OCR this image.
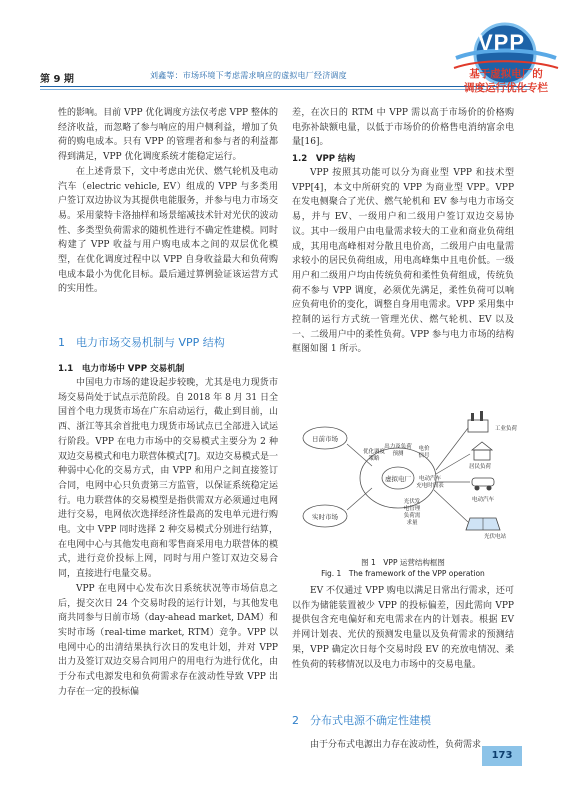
第 9 期	刘鑫等：市场环境下考虑需求响应的虚拟电厂经济调度
VPP
基于虚拟电厂的
调度运行优化专栏

性的影响。目前 VPP 优化调度方法仅考虑 VPP 整体的经济收益，而忽略了参与响应的用户侧利益，增加了负荷的购电成本。只有 VPP 的管理者和参与者的利益都得到满足，VPP 优化调度系统才能稳定运行。

在上述背景下，文中考虑由光伏、燃气轮机及电动汽车（electric vehicle, EV）组成的 VPP 与多类用户签订双边协议为其提供电能服务，并参与电力市场交易。采用蒙特卡洛抽样和场景缩减技术针对光伏的波动性、多类型负荷需求的随机性进行不确定性建模。同时构建了 VPP 收益与用户购电成本之间的双层优化模型，在优化调度过程中以 VPP 自身收益最大和负荷购电成本最小为优化目标。最后通过算例验证该运营方式的实用性。

1　电力市场交易机制与 VPP 结构
1.1　电力市场中 VPP 交易机制

中国电力市场的建设起步较晚，尤其是电力现货市场交易尚处于试点示范阶段。自 2018 年 8 月 31 日全国首个电力现货市场在广东启动运行，截止到目前，山西、浙江等其余首批电力现货市场试点已全部进入试运行阶段。VPP 在电力市场中的交易模式主要分为 2 种双边交易模式和电力联营体模式[7]。双边交易模式是一种弱中心化的交易方式，由 VPP 和用户之间直接签订合同，电网中心只负责第三方监管，以保证系统稳定运行。电力联营体的交易模型是指供需双方必须通过电网进行交易，电网依次选择经济性最高的发电单元进行购电。文中 VPP 同时选择 2 种交易模式分别进行结算，在电网中心与其他发电商和零售商采用电力联营体的模式，进行竞价投标上网，同时与用户签订双边交易合同，直接进行电量交易。

VPP 在电网中心发布次日系统状况等市场信息之后，提交次日 24 个交易时段的运行计划，与其他发电商共同参与日前市场（day-ahead market, DAM）和实时市场（real-time market, RTM）竞争。VPP 以电网中心的出清结果执行次日的发电计划，并对 VPP 出力及签订双边交易合同用户的用电行为进行优化，由于分布式电源发电和负荷需求存在波动性导致 VPP 出力存在一定的投标偏

差，在次日的 RTM 中 VPP 需以高于市场价的价格购电弥补缺额电量，以低于市场价的价格售电消纳富余电量[16]。

1.2　VPP 结构

VPP 按照其功能可以分为商业型 VPP 和技术型 VPP[4]，本文中所研究的 VPP 为商业型 VPP。VPP 在发电侧聚合了光伏、燃气轮机和 EV 参与电力市场交易，并与 EV、一级用户和二级用户签订双边交易协议。其中一级用户由电量需求较大的工业和商业负荷组成，其用电高峰相对分散且电价高，二级用户由电量需求较小的居民负荷组成，用电高峰集中且电价低。一级用户和二级用户均由传统负荷和柔性负荷组成，传统负荷不参与 VPP 调度，必须优先满足，柔性负荷可以响应负荷电价的变化，调整自身用电需求。VPP 采用集中控制的运行方式统一管理光伏、燃气轮机、EV 以及一、二级用户中的柔性负荷。VPP 参与电力市场的结构框图如图 1 所示。

日前市场
实时市场
虚拟电厂
优化调度
策略
出力及负荷
预测
电价
信号
电动汽车
充电时间表
光伏发
电管理
负荷需
求量
工业负荷
居民负荷
电动汽车
光伏电站
图 1　VPP 运营结构框图
Fig. 1　The framework of the VPP operation

EV 不仅通过 VPP 购电以满足日常出行需求，还可以作为储能装置被少 VPP 的投标偏差，因此需向 VPP 提供包含充电偏好和充电需求在内的计划表。根据 EV 并网计划表、光伏的预测发电量以及负荷需求的预测结果，VPP 确定次日每个交易时段 EV 的充放电情况、柔性负荷的转移情况以及电力市场中的交易电量。

2　分布式电源不确定性建模

由于分布式电源出力存在波动性，负荷需求

173
